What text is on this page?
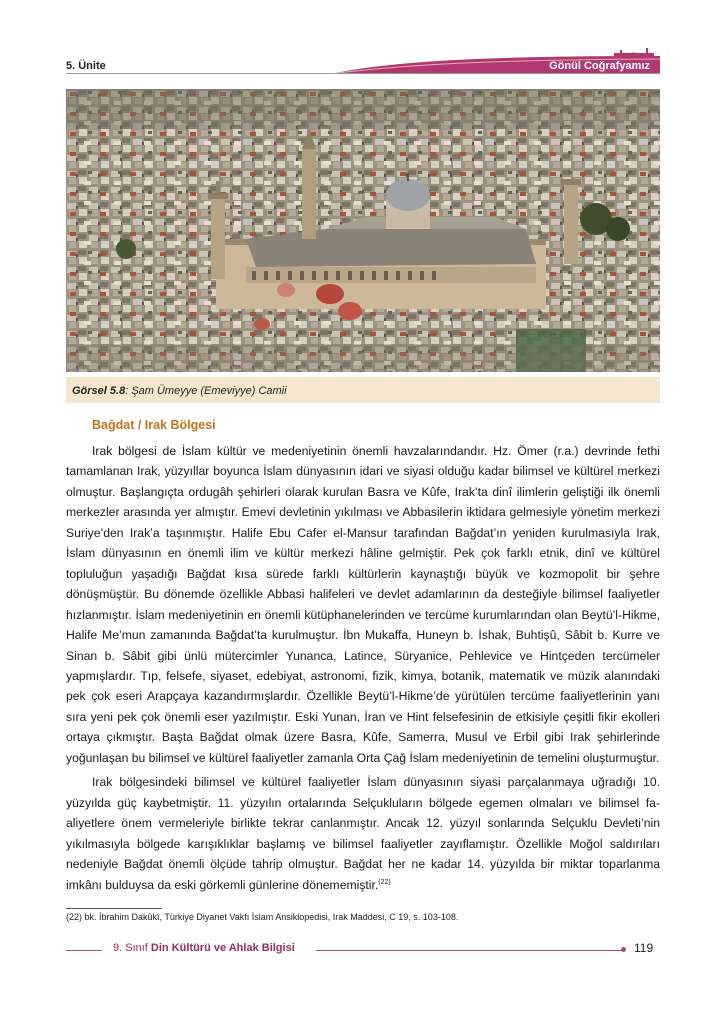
5. Ünite	Gönül Coğrafyamız
Görsel 5.8: Şam Ümeyye (Emeviyye) Camii
Bağdat / Irak Bölgesi

Irak bölgesi de İslam kültür ve medeniyetinin önemli havzalarındandır. Hz. Ömer (r.a.) devrinde fethi tamamlanan Irak, yüzyıllar boyunca İslam dünyasının idari ve siyasi olduğu kadar bilimsel ve kültürel merkezi olmuştur. Başlangıçta ordugâh şehirleri olarak kurulan Basra ve Kûfe, Irak’ta dinî ilimlerin geliştiği ilk önemli merkezler arasında yer almıştır. Emevi devletinin yıkılması ve Abbasilerin iktidara gelmesiyle yönetim merkezi Suriye’den Irak’a taşınmıştır. Halife Ebu Cafer el-Mansur tarafından Bağdat’ın yeniden kurulmasıyla Irak, İslam dünyasının en önemli ilim ve kültür merkezi hâline gelmiştir. Pek çok farklı etnik, dinî ve kültürel topluluğun yaşadığı Bağdat kısa sürede farklı kültürlerin kaynaştığı büyük ve kozmopolit bir şehre dönüşmüştür. Bu dönemde özellikle Abbasi halifeleri ve devlet adamlarının da desteğiyle bilimsel faaliyetler hızlanmıştır. İslam medeniyetinin en önemli kütüphanelerinden ve tercüme kurumlarından olan Beytü’l-Hikme, Halife Me’mun zamanında Bağdat’ta kurulmuştur. İbn Mukaffa, Huneyn b. İshak, Buhtişû, Sâbit b. Kurre ve Sinan b. Sâbit gibi ünlü mütercimler Yunanca, Latince, Süryanice, Pehlevice ve Hintçeden tercümeler yapmışlardır. Tıp, felsefe, siyaset, edebiyat, astronomi, fizik, kimya, botanik, matematik ve müzik alanındaki pek çok eseri Arapçaya kazandırmışlardır. Özellikle Beytü’l-Hikme’de yürütülen tercüme faaliyetlerinin yanı sıra yeni pek çok önemli eser yazılmıştır. Eski Yunan, İran ve Hint felsefesinin de etkisiyle çeşitli fikir ekolleri ortaya çıkmıştır. Başta Bağdat olmak üzere Basra, Kûfe, Samerra, Musul ve Erbil gibi Irak şehirlerinde yoğunlaşan bu bilimsel ve kültürel faaliyetler zamanla Orta Çağ İslam medeniyetinin de temelini oluşturmuştur.

Irak bölgesindeki bilimsel ve kültürel faaliyetler İslam dünyasının siyasi parçalanmaya uğradığı 10. yüzyılda güç kaybetmiştir. 11. yüzyılın ortalarında Selçukluların bölgede egemen olmaları ve bilimsel faaliyetlere önem vermeleriyle birlikte tekrar canlanmıştır. Ancak 12. yüzyıl sonlarında Selçuklu Devleti’nin yıkılmasıyla bölgede karışıklıklar başlamış ve bilimsel faaliyetler zayıflamıştır. Özellikle Moğol saldırıları nedeniyle Bağdat önemli ölçüde tahrip olmuştur. Bağdat her ne kadar 14. yüzyılda bir miktar toparlanma imkânı bulduysa da eski görkemli günlerine dönememiştir.$^{(22)}$

(22) bk. İbrahim Dakûkî, Türkiye Diyanet Vakfı İslam Ansiklopedisi, Irak Maddesi, C 19, s. 103-108.
9. Sınıf Din Kültürü ve Ahlak Bilgisi	119
